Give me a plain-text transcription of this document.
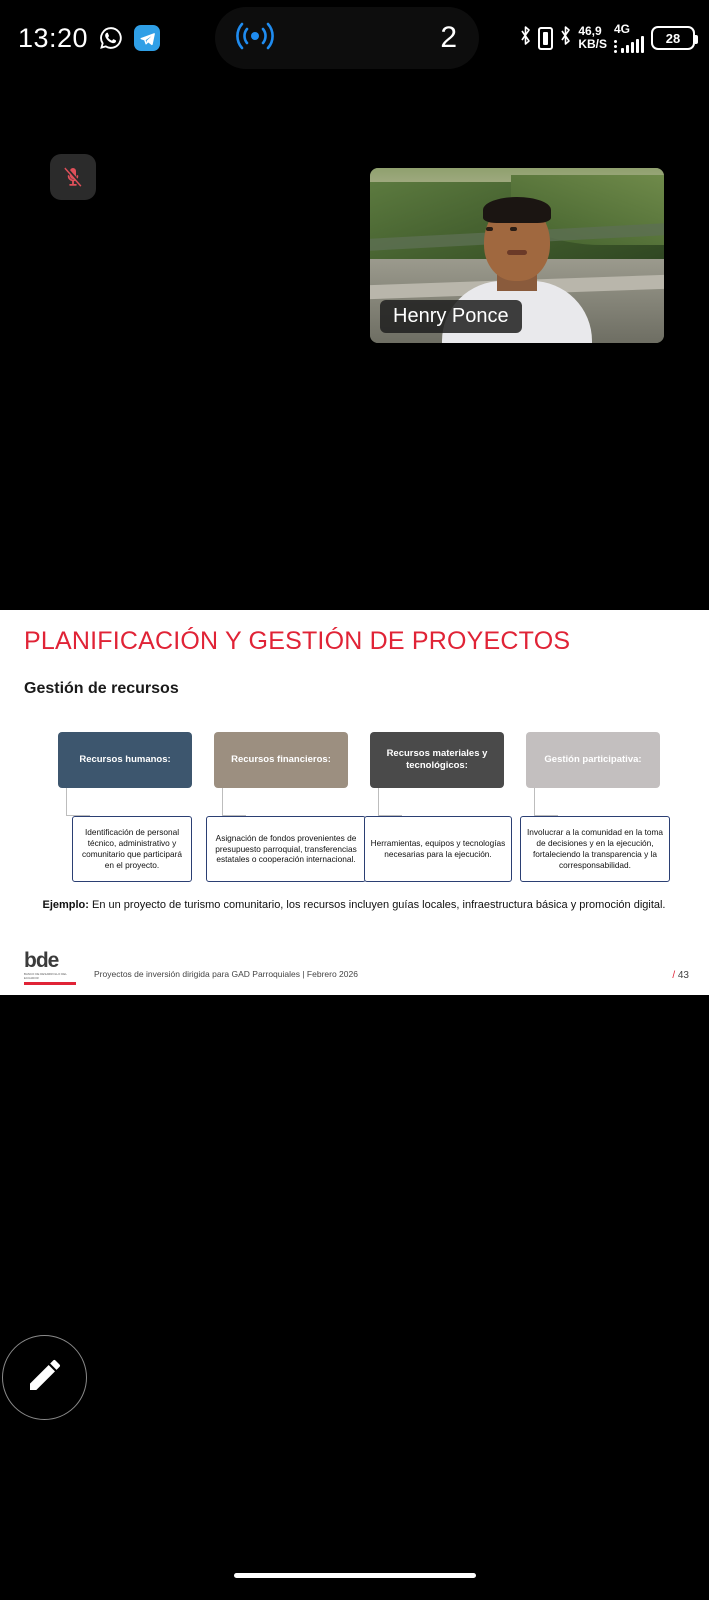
13:20	2	46,9
KB/S
4G
28
Henry Ponce
PLANIFICACIÓN Y GESTIÓN DE PROYECTOS
Gestión de recursos
Recursos humanos:
Identificación de personal técnico, administrativo y comunitario que participará en el proyecto.
Recursos financieros:
Asignación de fondos provenientes de presupuesto parroquial, transferencias estatales o cooperación internacional.
Recursos materiales y tecnológicos:
Herramientas, equipos y tecnologías necesarias para la ejecución.
Gestión participativa:
Involucrar a la comunidad en la toma de decisiones y en la ejecución, fortaleciendo la transparencia y la corresponsabilidad.
Ejemplo: En un proyecto de turismo comunitario, los recursos incluyen guías locales, infraestructura básica y promoción digital.
bde
BANCO DE DESARROLLO DEL ECUADOR	Proyectos de inversión dirigida para GAD Parroquiales | Febrero 2026	/ 43
